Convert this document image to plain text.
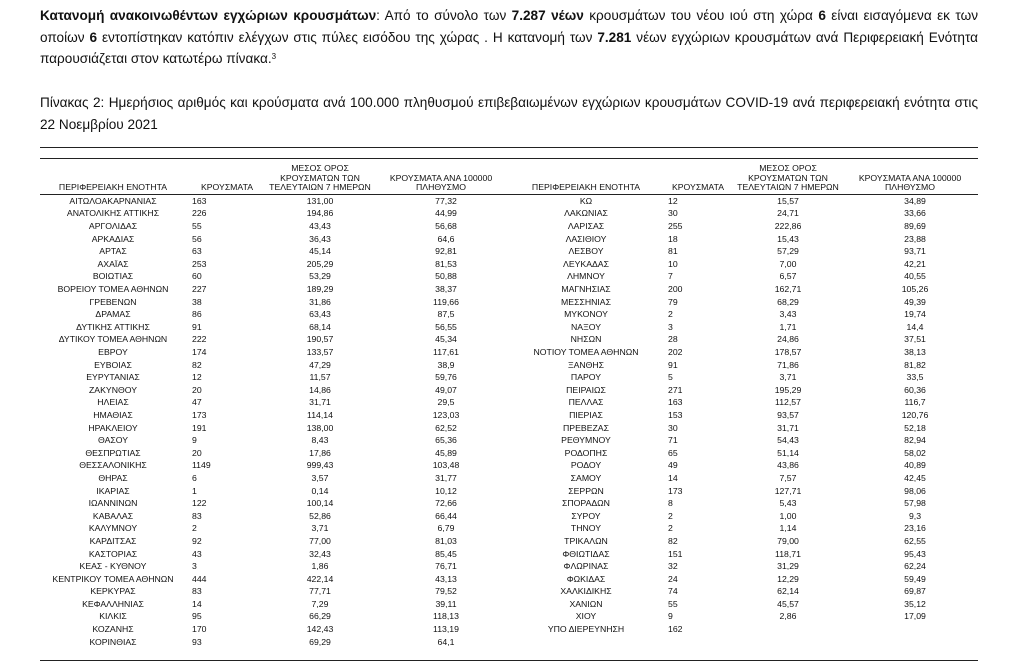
Κατανομή ανακοινωθέντων εγχώριων κρουσμάτων: Από το σύνολο των 7.287 νέων κρουσμάτων του νέου ιού στη χώρα 6 είναι εισαγόμενα εκ των οποίων 6 εντοπίστηκαν κατόπιν ελέγχων στις πύλες εισόδου της χώρας . Η κατανομή των 7.281 νέων εγχώριων κρουσμάτων ανά Περιφερειακή Ενότητα παρουσιάζεται στον κατωτέρω πίνακα.$^3$
Πίνακας 2: Ημερήσιος αριθμός και κρούσματα ανά 100.000 πληθυσμού επιβεβαιωμένων εγχώριων κρουσμάτων COVID-19 ανά περιφερειακή ενότητα στις 22 Νοεμβρίου 2021
ΠΕΡΙΦΕΡΕΙΑΚΗ ΕΝΟΤΗΤΑ	ΚΡΟΥΣΜΑΤΑ	ΜΕΣΟΣ ΟΡΟΣ ΚΡΟΥΣΜΑΤΩΝ ΤΩΝ ΤΕΛΕΥΤΑΙΩΝ 7 ΗΜΕΡΩΝ	ΚΡΟΥΣΜΑΤΑ ΑΝΑ 100000 ΠΛΗΘΥΣΜΟ
ΑΙΤΩΛΟΑΚΑΡΝΑΝΙΑΣ	163	131,00	77,32
ΑΝΑΤΟΛΙΚΗΣ ΑΤΤΙΚΗΣ	226	194,86	44,99
ΑΡΓΟΛΙΔΑΣ	55	43,43	56,68
ΑΡΚΑΔΙΑΣ	56	36,43	64,6
ΑΡΤΑΣ	63	45,14	92,81
ΑΧΑΪΑΣ	253	205,29	81,53
ΒΟΙΩΤΙΑΣ	60	53,29	50,88
ΒΟΡΕΙΟΥ ΤΟΜΕΑ ΑΘΗΝΩΝ	227	189,29	38,37
ΓΡΕΒΕΝΩΝ	38	31,86	119,66
ΔΡΑΜΑΣ	86	63,43	87,5
ΔΥΤΙΚΗΣ ΑΤΤΙΚΗΣ	91	68,14	56,55
ΔΥΤΙΚΟΥ ΤΟΜΕΑ ΑΘΗΝΩΝ	222	190,57	45,34
ΕΒΡΟΥ	174	133,57	117,61
ΕΥΒΟΙΑΣ	82	47,29	38,9
ΕΥΡΥΤΑΝΙΑΣ	12	11,57	59,76
ΖΑΚΥΝΘΟΥ	20	14,86	49,07
ΗΛΕΙΑΣ	47	31,71	29,5
ΗΜΑΘΙΑΣ	173	114,14	123,03
ΗΡΑΚΛΕΙΟΥ	191	138,00	62,52
ΘΑΣΟΥ	9	8,43	65,36
ΘΕΣΠΡΩΤΙΑΣ	20	17,86	45,89
ΘΕΣΣΑΛΟΝΙΚΗΣ	1149	999,43	103,48
ΘΗΡΑΣ	6	3,57	31,77
ΙΚΑΡΙΑΣ	1	0,14	10,12
ΙΩΑΝΝΙΝΩΝ	122	100,14	72,66
ΚΑΒΑΛΑΣ	83	52,86	66,44
ΚΑΛΥΜΝΟΥ	2	3,71	6,79
ΚΑΡΔΙΤΣΑΣ	92	77,00	81,03
ΚΑΣΤΟΡΙΑΣ	43	32,43	85,45
ΚΕΑΣ - ΚΥΘΝΟΥ	3	1,86	76,71
ΚΕΝΤΡΙΚΟΥ ΤΟΜΕΑ ΑΘΗΝΩΝ	444	422,14	43,13
ΚΕΡΚΥΡΑΣ	83	77,71	79,52
ΚΕΦΑΛΛΗΝΙΑΣ	14	7,29	39,11
ΚΙΛΚΙΣ	95	66,29	118,13
ΚΟΖΑΝΗΣ	170	142,43	113,19
ΚΟΡΙΝΘΙΑΣ	93	69,29	64,1
ΠΕΡΙΦΕΡΕΙΑΚΗ ΕΝΟΤΗΤΑ	ΚΡΟΥΣΜΑΤΑ	ΜΕΣΟΣ ΟΡΟΣ ΚΡΟΥΣΜΑΤΩΝ ΤΩΝ ΤΕΛΕΥΤΑΙΩΝ 7 ΗΜΕΡΩΝ	ΚΡΟΥΣΜΑΤΑ ΑΝΑ 100000 ΠΛΗΘΥΣΜΟ
ΚΩ	12	15,57	34,89
ΛΑΚΩΝΙΑΣ	30	24,71	33,66
ΛΑΡΙΣΑΣ	255	222,86	89,69
ΛΑΣΙΘΙΟΥ	18	15,43	23,88
ΛΕΣΒΟΥ	81	57,29	93,71
ΛΕΥΚΑΔΑΣ	10	7,00	42,21
ΛΗΜΝΟΥ	7	6,57	40,55
ΜΑΓΝΗΣΙΑΣ	200	162,71	105,26
ΜΕΣΣΗΝΙΑΣ	79	68,29	49,39
ΜΥΚΟΝΟΥ	2	3,43	19,74
ΝΑΞΟΥ	3	1,71	14,4
ΝΗΣΩΝ	28	24,86	37,51
ΝΟΤΙΟΥ ΤΟΜΕΑ ΑΘΗΝΩΝ	202	178,57	38,13
ΞΑΝΘΗΣ	91	71,86	81,82
ΠΑΡΟΥ	5	3,71	33,5
ΠΕΙΡΑΙΩΣ	271	195,29	60,36
ΠΕΛΛΑΣ	163	112,57	116,7
ΠΙΕΡΙΑΣ	153	93,57	120,76
ΠΡΕΒΕΖΑΣ	30	31,71	52,18
ΡΕΘΥΜΝΟΥ	71	54,43	82,94
ΡΟΔΟΠΗΣ	65	51,14	58,02
ΡΟΔΟΥ	49	43,86	40,89
ΣΑΜΟΥ	14	7,57	42,45
ΣΕΡΡΩΝ	173	127,71	98,06
ΣΠΟΡΑΔΩΝ	8	5,43	57,98
ΣΥΡΟΥ	2	1,00	9,3
ΤΗΝΟΥ	2	1,14	23,16
ΤΡΙΚΑΛΩΝ	82	79,00	62,55
ΦΘΙΩΤΙΔΑΣ	151	118,71	95,43
ΦΛΩΡΙΝΑΣ	32	31,29	62,24
ΦΩΚΙΔΑΣ	24	12,29	59,49
ΧΑΛΚΙΔΙΚΗΣ	74	62,14	69,87
ΧΑΝΙΩΝ	55	45,57	35,12
ΧΙΟΥ	9	2,86	17,09
ΥΠΟ ΔΙΕΡΕΥΝΗΣΗ	162		
